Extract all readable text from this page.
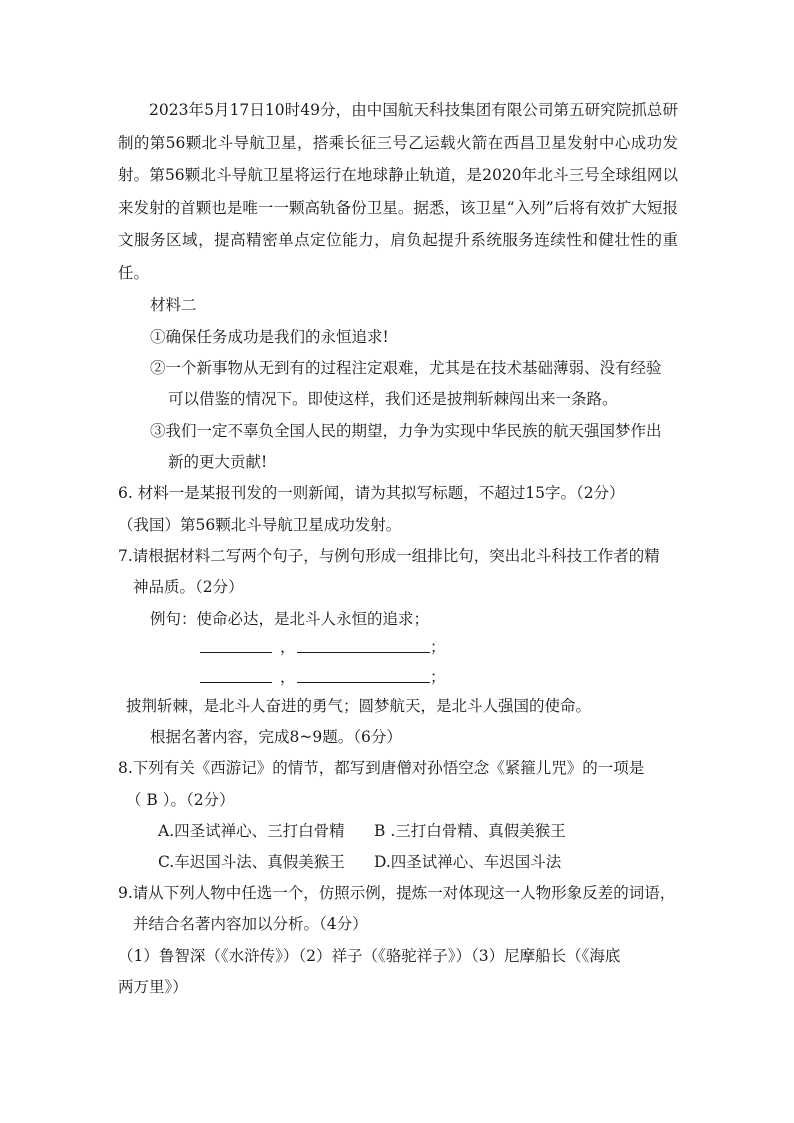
2023年5月17日10时49分，由中国航天科技集团有限公司第五研究院抓总研制的第56颗北斗导航卫星，搭乘长征三号乙运载火箭在西昌卫星发射中心成功发射。第56颗北斗导航卫星将运行在地球静止轨道，是2020年北斗三号全球组网以来发射的首颗也是唯一一颗高轨备份卫星。据悉，该卫星“入列”后将有效扩大短报文服务区域，提高精密单点定位能力，肩负起提升系统服务连续性和健壮性的重任。
材料二
①确保任务成功是我们的永恒追求!
②一个新事物从无到有的过程注定艰难，尤其是在技术基础薄弱、没有经验
可以借鉴的情况下。即使这样，我们还是披荆斩棘闯出来一条路。
③我们一定不辜负全国人民的期望，力争为实现中华民族的航天强国梦作出
新的更大贡献!
6. 材料一是某报刊发的一则新闻，请为其拟写标题，不超过15字。（2分）
（我国）第56颗北斗导航卫星成功发射。
7.请根据材料二写两个句子，与例句形成一组排比句，突出北斗科技工作者的精
神品质。（2分）
例句：使命必达，是北斗人永恒的追求；
，	；
，	；
披荆斩棘，是北斗人奋进的勇气；圆梦航天，是北斗人强国的使命。
根据名著内容，完成8~9题。（6分）
8.下列有关《西游记》的情节，都写到唐僧对孙悟空念《紧箍儿咒》的一项是
（ B ）。（2分）
A.四圣试禅心、三打白骨精 B .三打白骨精、真假美猴王
C.车迟国斗法、真假美猴王 D.四圣试禅心、车迟国斗法
9.请从下列人物中任选一个，仿照示例，提炼一对体现这一人物形象反差的词语，
并结合名著内容加以分析。（4分）
（1）鲁智深（《水浒传》）（2）祥子（《骆驼祥子》）（3）尼摩船长（《海底
两万里》）
